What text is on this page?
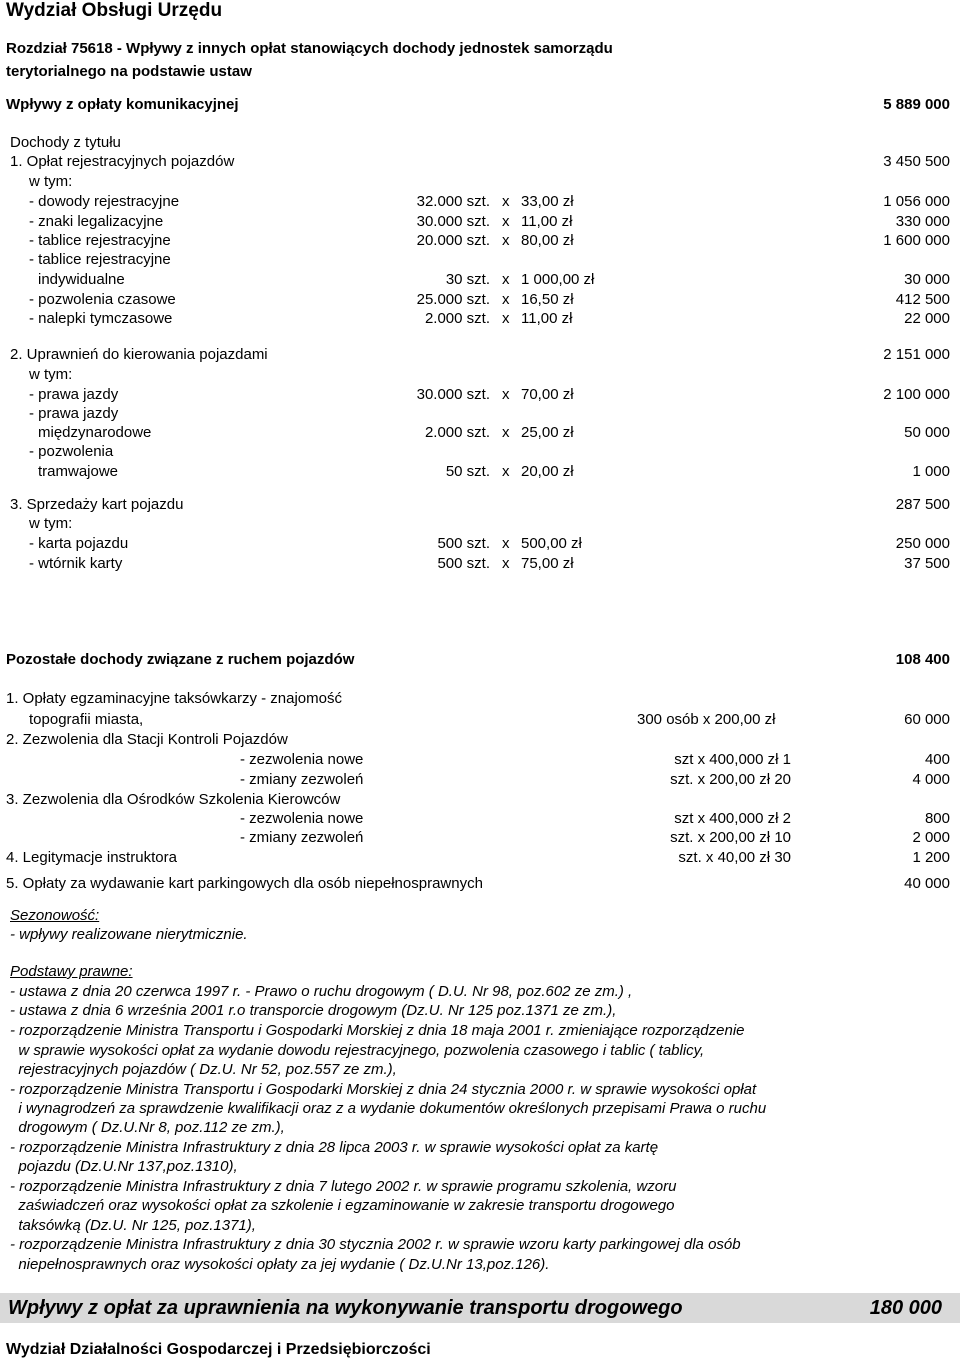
Wydział Obsługi Urzędu
Rozdział 75618 - Wpływy z innych opłat stanowiących dochody jednostek samorządu
terytorialnego na podstawie ustaw
Wpływy z opłaty komunikacyjnej	5 889 000
Dochody z tytułu
1. Opłat rejestracyjnych pojazdów	3 450 500
w tym:
- dowody rejestracyjne	32.000 szt. x 33,00 zł	1 056 000
- znaki legalizacyjne	30.000 szt. x 11,00 zł	330 000
- tablice rejestracyjne	20.000 szt. x 80,00 zł	1 600 000
- tablice rejestracyjne
indywidualne	30 szt. x 1 000,00 zł	30 000
- pozwolenia czasowe	25.000 szt. x 16,50 zł	412 500
- nalepki tymczasowe	2.000 szt. x 11,00 zł	22 000
2. Uprawnień do kierowania pojazdami	2 151 000
w tym:
- prawa jazdy	30.000 szt. x 70,00 zł	2 100 000
- prawa jazdy
międzynarodowe	2.000 szt. x 25,00 zł	50 000
- pozwolenia
tramwajowe	50 szt. x 20,00 zł	1 000
3. Sprzedaży kart pojazdu	287 500
w tym:
- karta pojazdu	500 szt. x 500,00 zł	250 000
- wtórnik karty	500 szt. x 75,00 zł	37 500
Pozostałe dochody związane z ruchem pojazdów	108 400
1. Opłaty egzaminacyjne taksówkarzy - znajomość
topografii miasta,	300 osób x 200,00 zł	60 000
2. Zezwolenia dla Stacji Kontroli Pojazdów
- zezwolenia nowe	1 szt x 400,000 zł	400
- zmiany zezwoleń	20 szt. x 200,00 zł	4 000
3. Zezwolenia dla Ośrodków Szkolenia Kierowców
- zezwolenia nowe	2 szt x 400,000 zł	800
- zmiany zezwoleń	10 szt. x 200,00 zł	2 000
4. Legitymacje instruktora	30 szt. x 40,00 zł	1 200
5. Opłaty za wydawanie kart parkingowych dla osób niepełnosprawnych	40 000
Sezonowość:
- wpływy realizowane nierytmicznie.
Podstawy prawne:
- ustawa z dnia 20 czerwca 1997 r. - Prawo o ruchu drogowym ( D.U. Nr 98, poz.602 ze zm.) ,
- ustawa z dnia 6 września 2001 r.o transporcie drogowym (Dz.U. Nr 125 poz.1371 ze zm.),
- rozporządzenie Ministra Transportu i Gospodarki Morskiej z dnia 18 maja 2001 r. zmieniające rozporządzenie
w sprawie wysokości opłat za wydanie dowodu rejestracyjnego, pozwolenia czasowego i tablic ( tablicy,
rejestracyjnych pojazdów ( Dz.U. Nr 52, poz.557 ze zm.),
- rozporządzenie Ministra Transportu i Gospodarki Morskiej z dnia 24 stycznia 2000 r. w sprawie wysokości opłat
i wynagrodzeń za sprawdzenie kwalifikacji oraz z a wydanie dokumentów określonych przepisami Prawa o ruchu
drogowym ( Dz.U.Nr 8, poz.112 ze zm.),
- rozporządzenie Ministra Infrastruktury z dnia 28 lipca 2003 r. w sprawie wysokości opłat za kartę
pojazdu (Dz.U.Nr 137,poz.1310),
- rozporządzenie Ministra Infrastruktury z dnia 7 lutego 2002 r. w sprawie programu szkolenia, wzoru
zaświadczeń oraz wysokości opłat za szkolenie i egzaminowanie w zakresie transportu drogowego
taksówką (Dz.U. Nr 125, poz.1371),
- rozporządzenie Ministra Infrastruktury z dnia 30 stycznia 2002 r. w sprawie wzoru karty parkingowej dla osób
niepełnosprawnych oraz wysokości opłaty za jej wydanie ( Dz.U.Nr 13,poz.126).
Wpływy z opłat za uprawnienia na wykonywanie transportu drogowego	180 000
Wydział Działalności Gospodarczej i Przedsiębiorczości
